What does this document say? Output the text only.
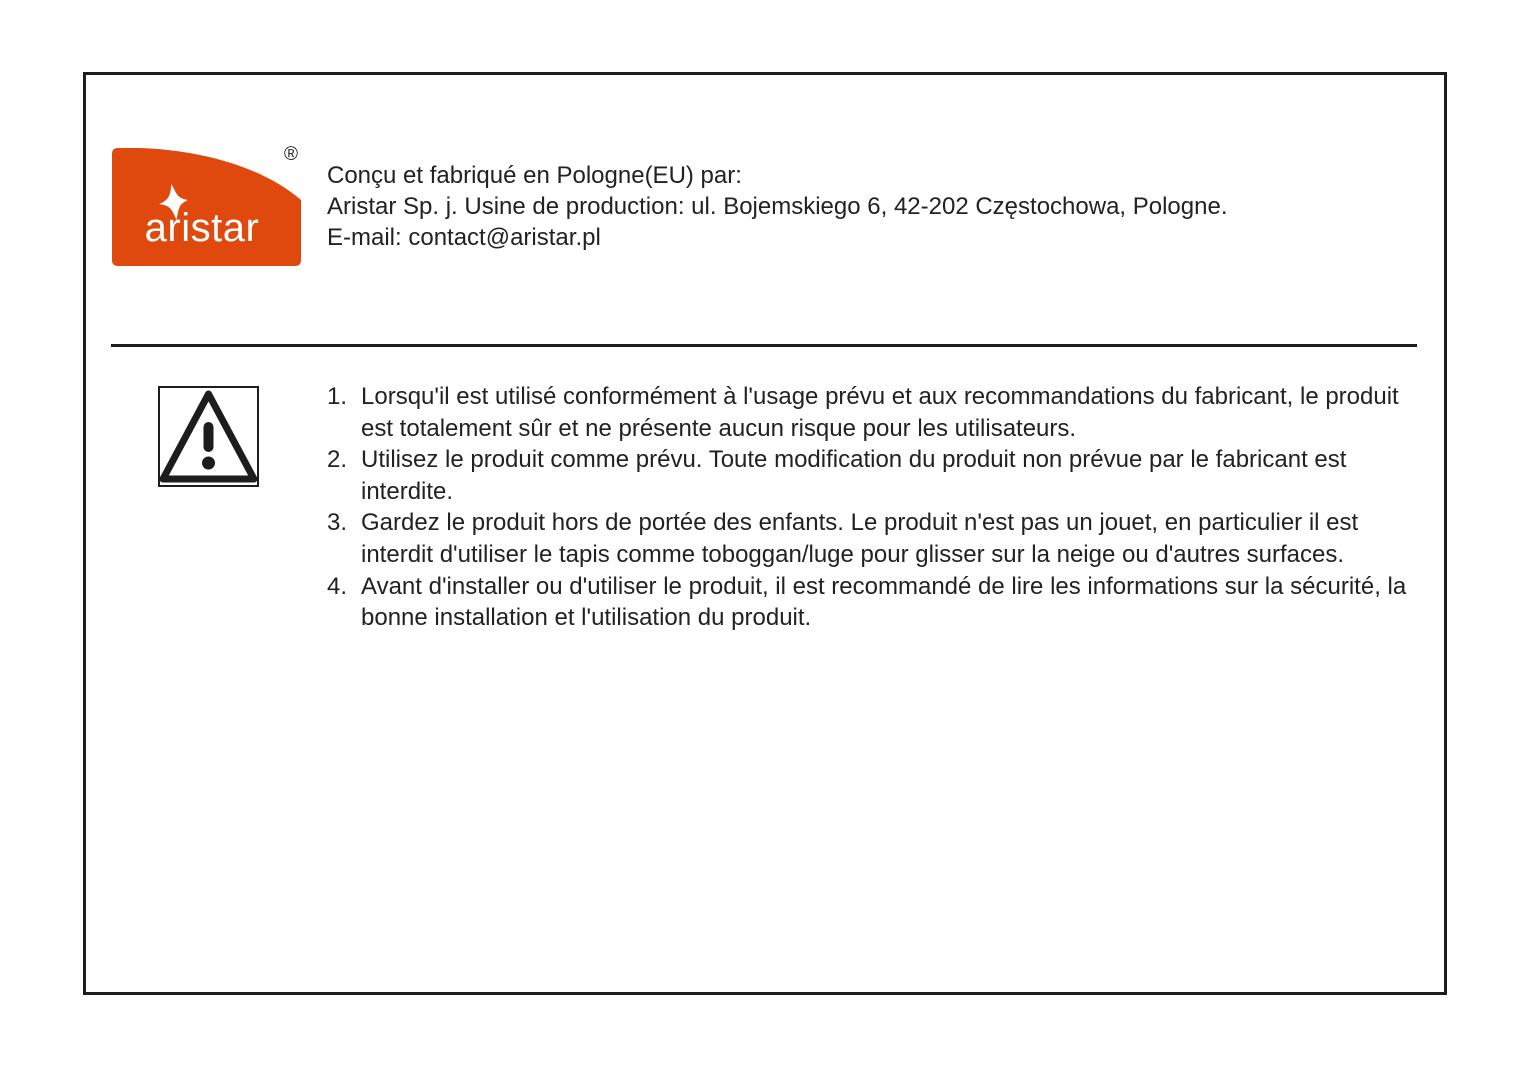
aristar
®
Conçu et fabriqué en Pologne(EU) par:
Aristar Sp. j. Usine de production: ul. Bojemskiego 6, 42-202 Częstochowa, Pologne.
E-mail: contact@aristar.pl
1. Lorsqu'il est utilisé conformément à l'usage prévu et aux recommandations du fabricant, le produit est totalement sûr et ne présente aucun risque pour les utilisateurs.
2. Utilisez le produit comme prévu. Toute modification du produit non prévue par le fabricant est interdite.
3. Gardez le produit hors de portée des enfants. Le produit n'est pas un jouet, en particulier il est interdit d'utiliser le tapis comme toboggan/luge pour glisser sur la neige ou d'autres surfaces.
4. Avant d'installer ou d'utiliser le produit, il est recommandé de lire les informations sur la sécurité, la bonne installation et l'utilisation du produit.
